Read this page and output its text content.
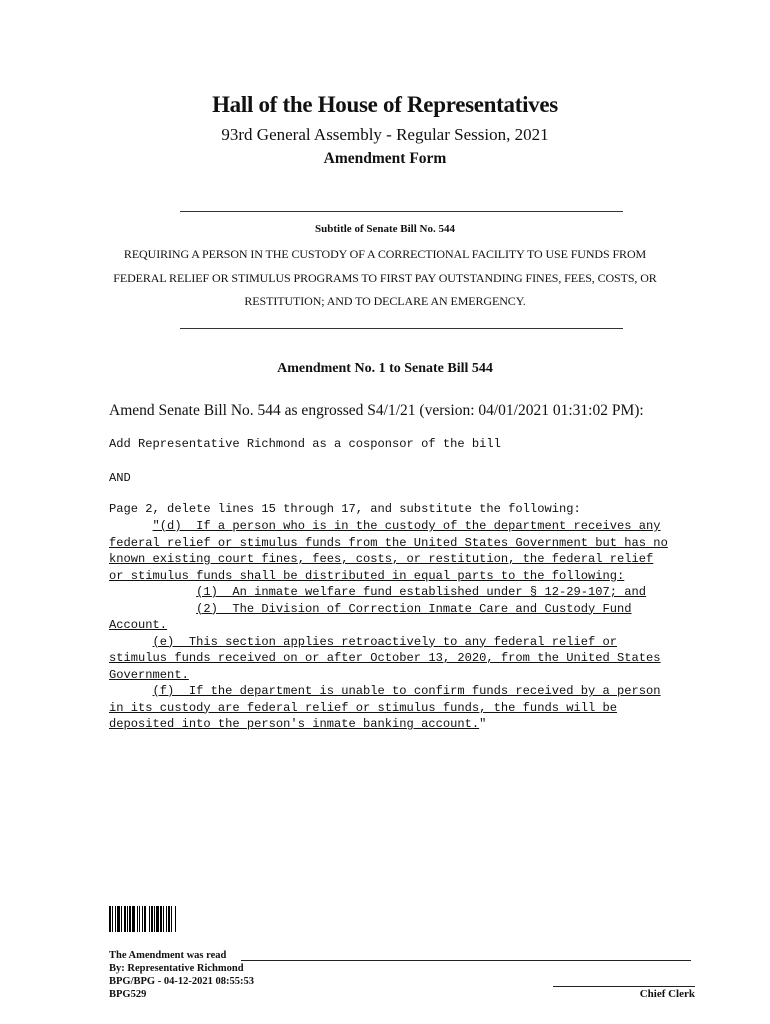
Hall of the House of Representatives
93rd General Assembly - Regular Session, 2021
Amendment Form
Subtitle of Senate Bill No. 544
REQUIRING A PERSON IN THE CUSTODY OF A CORRECTIONAL FACILITY TO USE FUNDS FROM
FEDERAL RELIEF OR STIMULUS PROGRAMS TO FIRST PAY OUTSTANDING FINES, FEES, COSTS, OR
RESTITUTION; AND TO DECLARE AN EMERGENCY.
Amendment No. 1 to Senate Bill 544
Amend Senate Bill No. 544 as engrossed S4/1/21 (version: 04/01/2021 01:31:02 PM):
Add Representative Richmond as a cosponsor of the bill
AND
Page 2, delete lines 15 through 17, and substitute the following:
"(d)  If a person who is in the custody of the department receives any
federal relief or stimulus funds from the United States Government but has no
known existing court fines, fees, costs, or restitution, the federal relief
or stimulus funds shall be distributed in equal parts to the following:
(1)  An inmate welfare fund established under § 12-29-107; and
(2)  The Division of Correction Inmate Care and Custody Fund
Account.
(e)  This section applies retroactively to any federal relief or
stimulus funds received on or after October 13, 2020, from the United States
Government.
(f)  If the department is unable to confirm funds received by a person
in its custody are federal relief or stimulus funds, the funds will be
deposited into the person's inmate banking account."
The Amendment was read
By: Representative Richmond
BPG/BPG - 04-12-2021 08:55:53
BPG529	Chief Clerk
